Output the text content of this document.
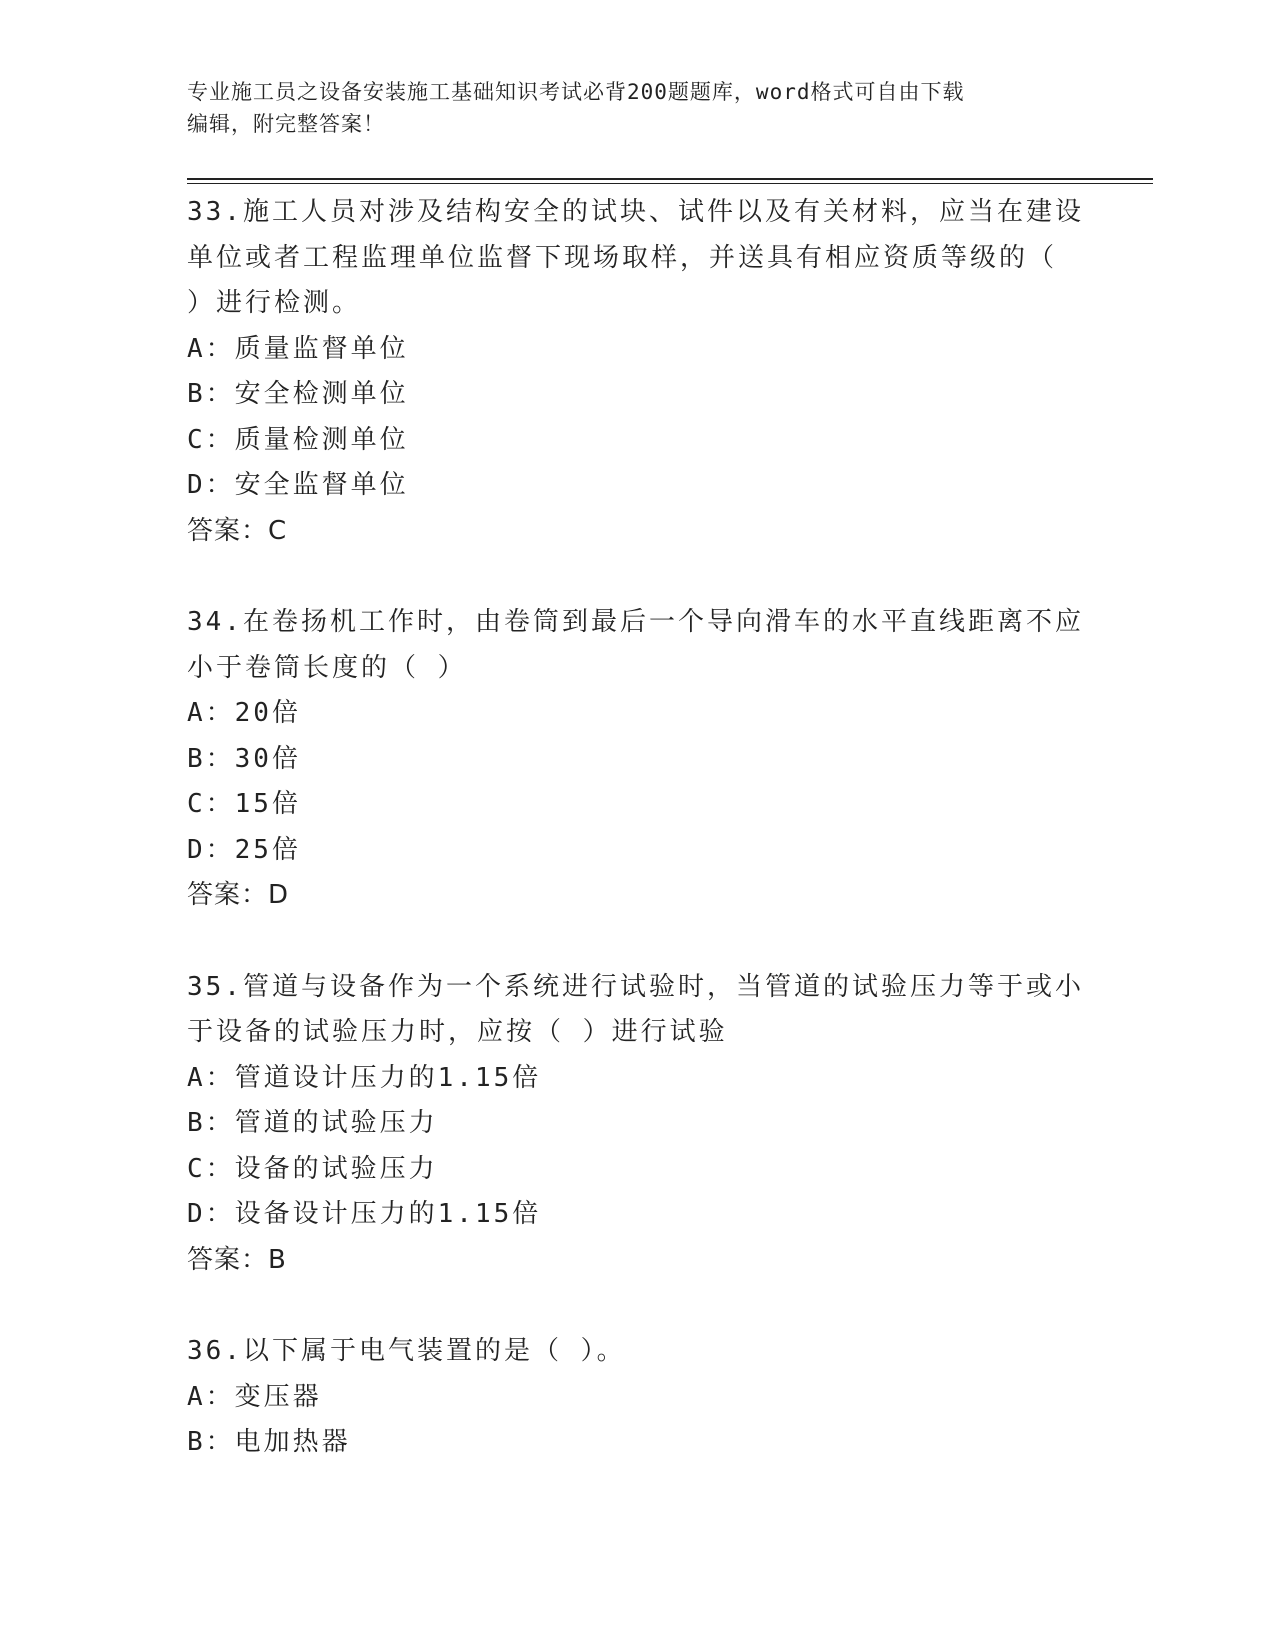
专业施工员之设备安装施工基础知识考试必背200题题库，word格式可自由下载
编辑，附完整答案！
33.施工人员对涉及结构安全的试块、试件以及有关材料，应当在建设
单位或者工程监理单位监督下现场取样，并送具有相应资质等级的（
）进行检测。
A：质量监督单位
B：安全检测单位
C：质量检测单位
D：安全监督单位
答案：C
34.在卷扬机工作时，由卷筒到最后一个导向滑车的水平直线距离不应
小于卷筒长度的（ ）
A：20倍
B：30倍
C：15倍
D：25倍
答案：D
35.管道与设备作为一个系统进行试验时，当管道的试验压力等于或小
于设备的试验压力时，应按（ ）进行试验
A：管道设计压力的1.15倍
B：管道的试验压力
C：设备的试验压力
D：设备设计压力的1.15倍
答案：B
36.以下属于电气装置的是（ ）。
A：变压器
B：电加热器
